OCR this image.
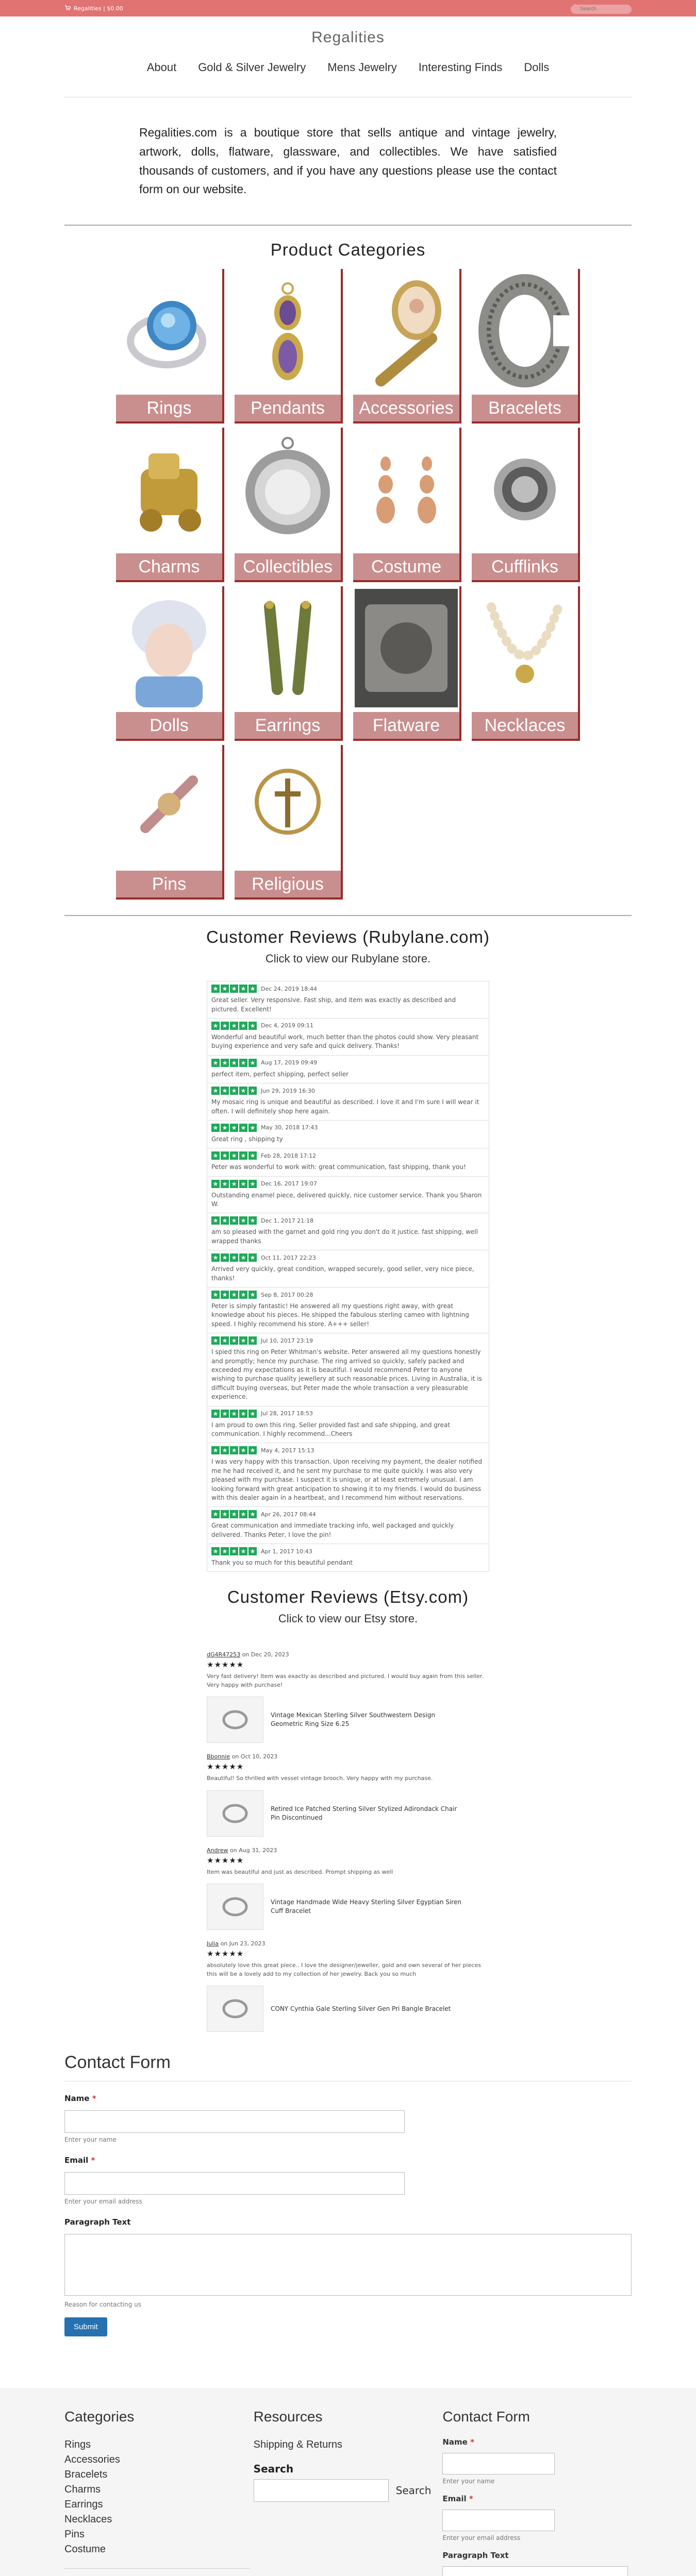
Regalities | $0.00
Search
Regalities
About	Gold & Silver Jewelry	Mens Jewelry	Interesting Finds	Dolls

Regalities.com is a boutique store that sells antique and vintage jewelry, artwork, dolls, flatware, glassware, and collectibles. We have satisfied thousands of customers, and if you have any questions please use the contact form on our website.

Product Categories
Rings	Pendants	Accessories	Bracelets
Charms	Collectibles	Costume	Cufflinks
Dolls	Earrings	Flatware	Necklaces
Pins	Religious
Customer Reviews (Rubylane.com)
Click to view our Rubylane store.
★ ★ ★ ★ ★ Dec 24, 2019 18:44
Great seller. Very responsive. Fast ship, and item was exactly as described and pictured. Excellent!
★ ★ ★ ★ ★ Dec 4, 2019 09:11
Wonderful and beautiful work, much better than the photos could show. Very pleasant buying experience and very safe and quick delivery. Thanks!
★ ★ ★ ★ ★ Aug 17, 2019 09:49
perfect item, perfect shipping, perfect seller
★ ★ ★ ★ ★ Jun 29, 2019 16:30
My mosaic ring is unique and beautiful as described. I love it and I'm sure I will wear it often. I will definitely shop here again.
★ ★ ★ ★ ★ May 30, 2018 17:43
Great ring , shipping ty
★ ★ ★ ★ ★ Feb 28, 2018 17:12
Peter was wonderful to work with: great communication, fast shipping, thank you!
★ ★ ★ ★ ★ Dec 16, 2017 19:07
Outstanding enamel piece, delivered quickly, nice customer service. Thank you Sharon W.
★ ★ ★ ★ ★ Dec 1, 2017 21:18
am so pleased with the garnet and gold ring you don't do it justice. fast shipping, well wrapped thanks
★ ★ ★ ★ ★ Oct 11, 2017 22:23
Arrived very quickly, great condition, wrapped securely, good seller, very nice piece, thanks!
★ ★ ★ ★ ★ Sep 8, 2017 00:28
Peter is simply fantastic! He answered all my questions right away, with great knowledge about his pieces. He shipped the fabulous sterling cameo with lightning speed. I highly recommend his store. A+++ seller!
★ ★ ★ ★ ★ Jul 10, 2017 23:19
I spied this ring on Peter Whitman's website. Peter answered all my questions honestly and promptly; hence my purchase. The ring arrived so quickly, safely packed and exceeded my expectations as it is beautiful. I would recommend Peter to anyone wishing to purchase quality jewellery at such reasonable prices. Living in Australia, it is difficult buying overseas, but Peter made the whole transaction a very pleasurable experience.
★ ★ ★ ★ ★ Jul 28, 2017 18:53
I am proud to own this ring. Seller provided fast and safe shipping, and great communication. I highly recommend...Cheers
★ ★ ★ ★ ★ May 4, 2017 15:13
I was very happy with this transaction. Upon receiving my payment, the dealer notified me he had received it, and he sent my purchase to me quite quickly. I was also very pleased with my purchase. I suspect it is unique, or at least extremely unusual. I am looking forward with great anticipation to showing it to my friends. I would do business with this dealer again in a heartbeat, and I recommend him without reservations.
★ ★ ★ ★ ★ Apr 26, 2017 08:44
Great communication and immediate tracking info, well packaged and quickly delivered. Thanks Peter, I love the pin!
★ ★ ★ ★ ★ Apr 1, 2017 10:43
Thank you so much for this beautiful pendant
Customer Reviews (Etsy.com)
Click to view our Etsy store.
dG4R47253 on Dec 20, 2023
★★★★★
Very fast delivery! Item was exactly as described and pictured. I would buy again from this seller. Very happy with purchase!
Vintage Mexican Sterling Silver Southwestern Design Geometric Ring Size 6.25
Bbonnie on Oct 10, 2023
★★★★★
Beautiful! So thrilled with vessel vintage brooch. Very happy with my purchase.
Retired Ice Patched Sterling Silver Stylized Adirondack Chair Pin Discontinued
Andrew on Aug 31, 2023
★★★★★
Item was beautiful and just as described. Prompt shipping as well
Vintage Handmade Wide Heavy Sterling Silver Egyptian Siren Cuff Bracelet
Julia on Jun 23, 2023
★★★★★
absolutely love this great piece.. I love the designer/jeweller, gold and own several of her pieces this will be a lovely add to my collection of her jewelry. Back you so much
CONY Cynthia Gale Sterling Silver Gen Pri Bangle Bracelet
Contact Form
Name *
Enter your name
Email *
Enter your email address
Paragraph Text
Reason for contacting us
Submit
Categories
Rings
Accessories
Bracelets
Charms
Earrings
Necklaces
Pins
Costume
Resources
Shipping & Returns
Search
Search
Contact Form
Name *
Enter your name
Email *
Enter your email address
Paragraph Text
